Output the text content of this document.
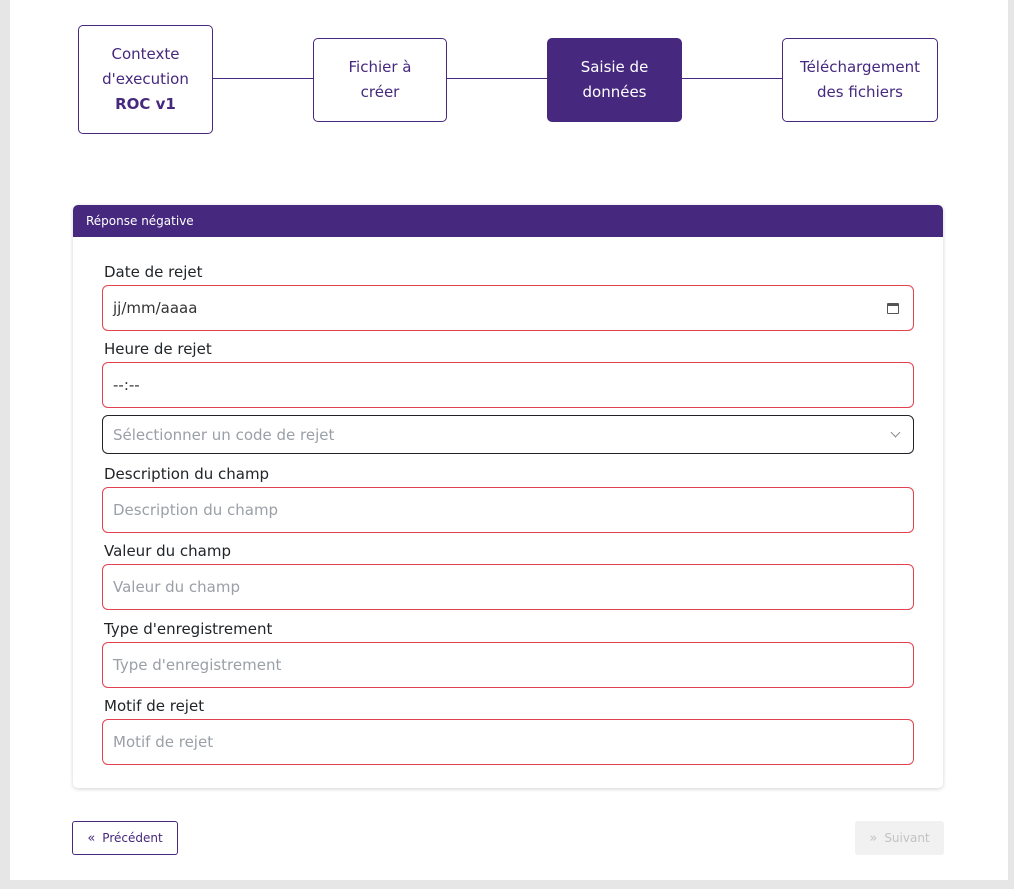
Contexte
d'execution
ROC v1
Fichier à
créer
Saisie de
données
Téléchargement
des fichiers
Réponse négative
Date de rejet
jj/mm/aaaa
Heure de rejet
--:--
Sélectionner un code de rejet
Description du champ
Description du champ
Valeur du champ
Valeur du champ
Type d'enregistrement
Type d'enregistrement
Motif de rejet
Motif de rejet
« Précédent	» Suivant
